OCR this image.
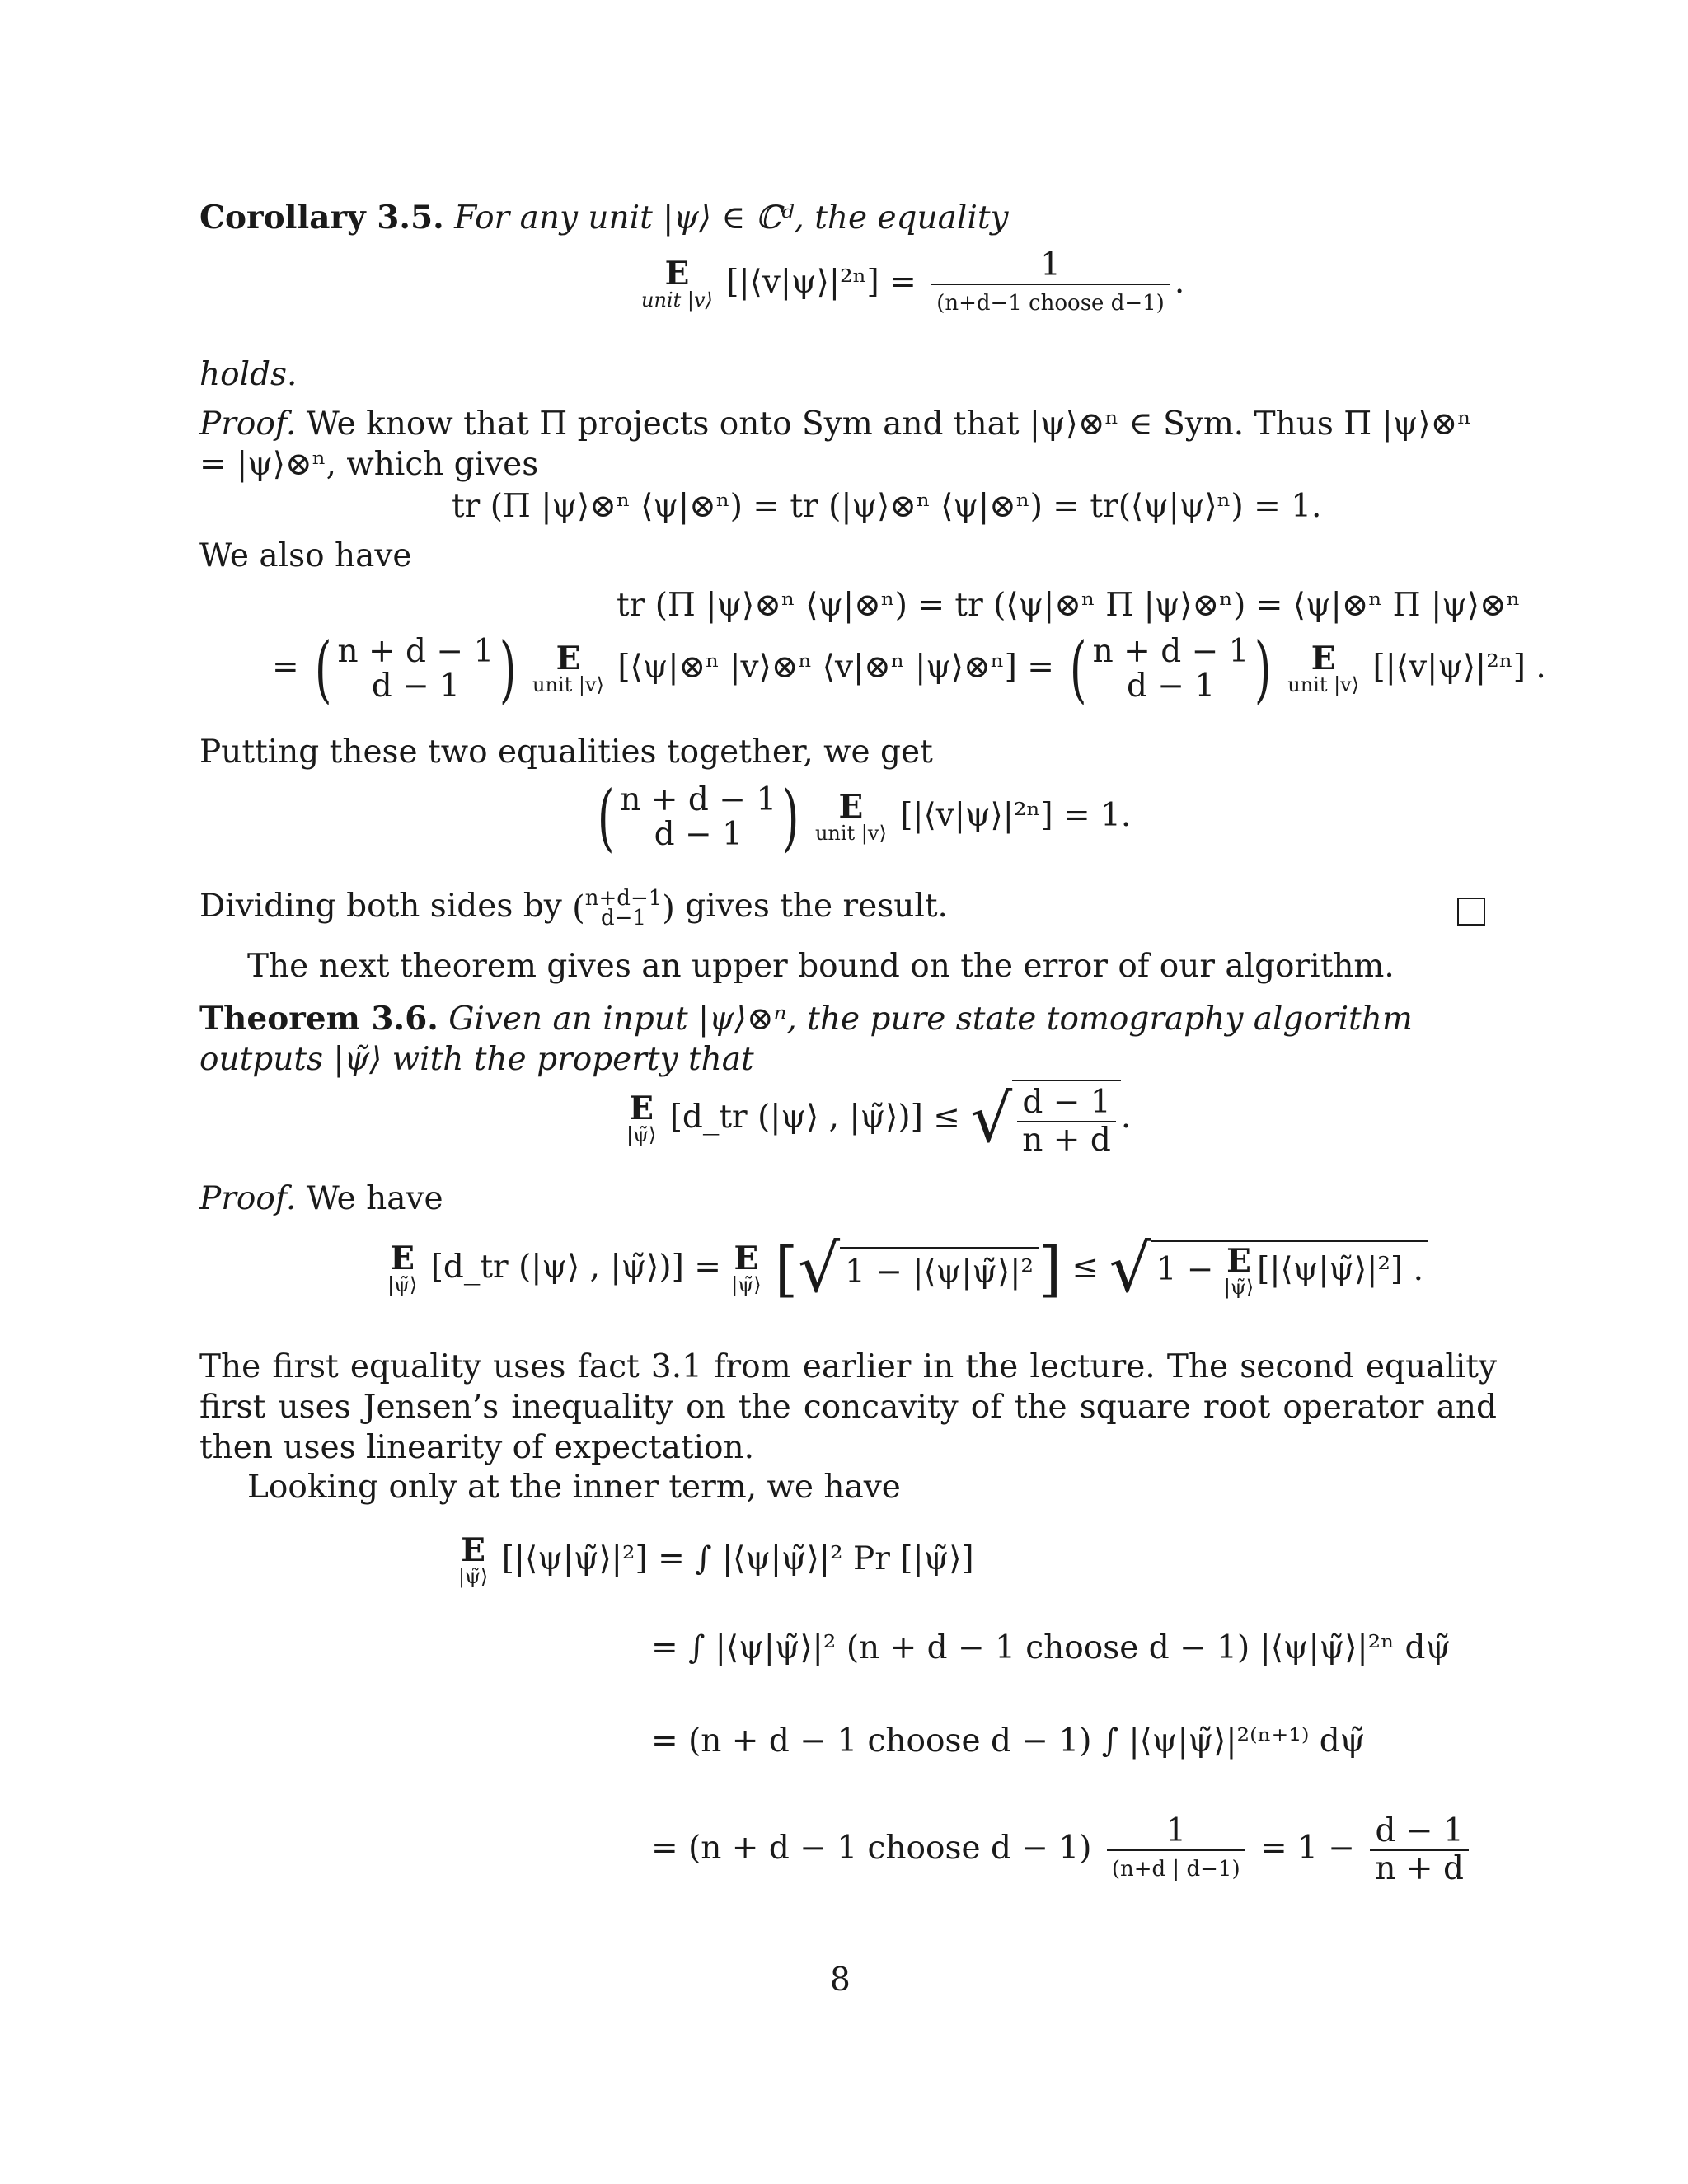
Corollary 3.5. For any unit |ψ⟩ ∈ ℂᵈ, the equality
E
unit |v⟩ [|⟨v|ψ⟩|²ⁿ] = $\frac{1}{\text{(n+d−1 choose d−1)}}$ .
holds.
Proof. We know that Π projects onto Sym and that |ψ⟩⊗ⁿ ∈ Sym. Thus Π |ψ⟩⊗ⁿ = |ψ⟩⊗ⁿ, which gives
tr (Π |ψ⟩⊗ⁿ ⟨ψ|⊗ⁿ) = tr (|ψ⟩⊗ⁿ ⟨ψ|⊗ⁿ) = tr(⟨ψ|ψ⟩ⁿ) = 1.
We also have
tr (Π |ψ⟩⊗ⁿ ⟨ψ|⊗ⁿ) = tr (⟨ψ|⊗ⁿ Π |ψ⟩⊗ⁿ) = ⟨ψ|⊗ⁿ Π |ψ⟩⊗ⁿ
= ( n + d − 1
d − 1 )
E
unit |v⟩ [⟨ψ|⊗ⁿ |v⟩⊗ⁿ ⟨v|⊗ⁿ |ψ⟩⊗ⁿ] = ( n + d − 1
d − 1 )
E
unit |v⟩ [|⟨v|ψ⟩|²ⁿ] .
Putting these two equalities together, we get
( n + d − 1
d − 1 )
E
unit |v⟩ [|⟨v|ψ⟩|²ⁿ] = 1.
Dividing both sides by ( n+d−1
d−1 ) gives the result.
The next theorem gives an upper bound on the error of our algorithm.
Theorem 3.6. Given an input |ψ⟩⊗ⁿ, the pure state tomography algorithm outputs |ψ̃⟩ with the property that
E
|ψ̃⟩ [d_tr (|ψ⟩ , |ψ̃⟩)] ≤ √ $\frac{d - 1}{n + d}$ .
Proof. We have
E
|ψ̃⟩ [d_tr (|ψ⟩ , |ψ̃⟩)] = E
|ψ̃⟩ [ √ 1 − |⟨ψ|ψ̃⟩|² ] ≤ √ 1 − E
|ψ̃⟩ [|⟨ψ|ψ̃⟩|²] .
The first equality uses fact 3.1 from earlier in the lecture. The second equality first uses Jensen’s inequality on the concavity of the square root operator and then uses linearity of expectation.
Looking only at the inner term, we have
E
|ψ̃⟩ [|⟨ψ|ψ̃⟩|²] = ∫ |⟨ψ|ψ̃⟩|² Pr [|ψ̃⟩]
= ∫ |⟨ψ|ψ̃⟩|² (n + d − 1 choose d − 1) |⟨ψ|ψ̃⟩|²ⁿ dψ̃
= (n + d − 1 choose d − 1) ∫ |⟨ψ|ψ̃⟩|²⁽ⁿ⁺¹⁾ dψ̃
= (n + d − 1 choose $d - 1) \frac{1}{(n+d | d-1)} = 1 - \frac{d - 1}{n + d}$
8
